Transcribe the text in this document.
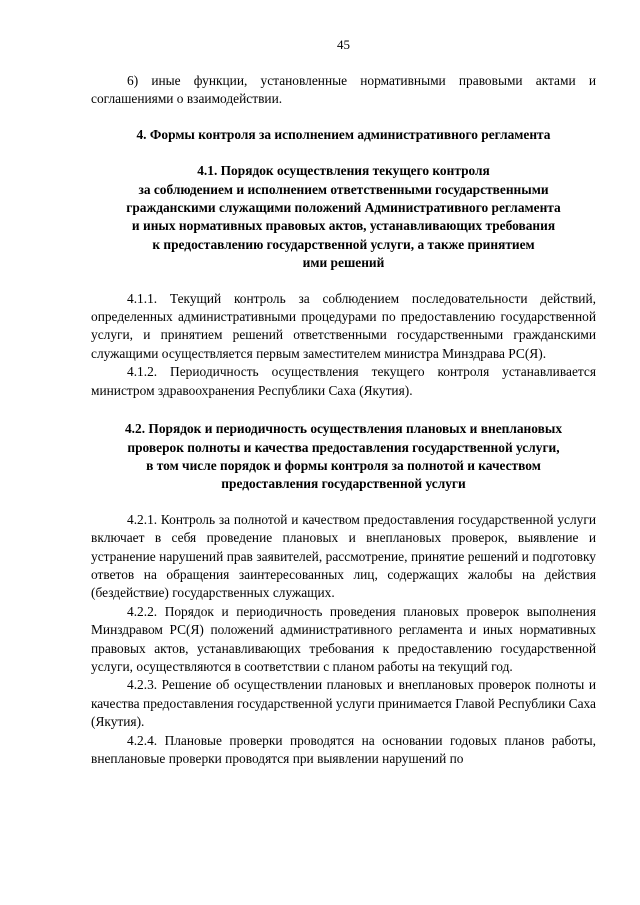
45

6) иные функции, установленные нормативными правовыми актами и соглашениями о взаимодействии.

4. Формы контроля за исполнением административного регламента
4.1. Порядок осуществления текущего контроля
за соблюдением и исполнением ответственными государственными
гражданскими служащими положений Административного регламента
и иных нормативных правовых актов, устанавливающих требования
к предоставлению государственной услуги, а также принятием
ими решений

4.1.1. Текущий контроль за соблюдением последовательности действий, определенных административными процедурами по предоставлению государственной услуги, и принятием решений ответственными государственными гражданскими служащими осуществляется первым заместителем министра Минздрава РС(Я).

4.1.2. Периодичность осуществления текущего контроля устанавливается министром здравоохранения Республики Саха (Якутия).

4.2. Порядок и периодичность осуществления плановых и внеплановых
проверок полноты и качества предоставления государственной услуги,
в том числе порядок и формы контроля за полнотой и качеством
предоставления государственной услуги

4.2.1. Контроль за полнотой и качеством предоставления государственной услуги включает в себя проведение плановых и внеплановых проверок, выявление и устранение нарушений прав заявителей, рассмотрение, принятие решений и подготовку ответов на обращения заинтересованных лиц, содержащих жалобы на действия (бездействие) государственных служащих.

4.2.2. Порядок и периодичность проведения плановых проверок выполнения Минздравом РС(Я) положений административного регламента и иных нормативных правовых актов, устанавливающих требования к предоставлению государственной услуги, осуществляются в соответствии с планом работы на текущий год.

4.2.3. Решение об осуществлении плановых и внеплановых проверок полноты и качества предоставления государственной услуги принимается Главой Республики Саха (Якутия).

4.2.4. Плановые проверки проводятся на основании годовых планов работы, внеплановые проверки проводятся при выявлении нарушений по
